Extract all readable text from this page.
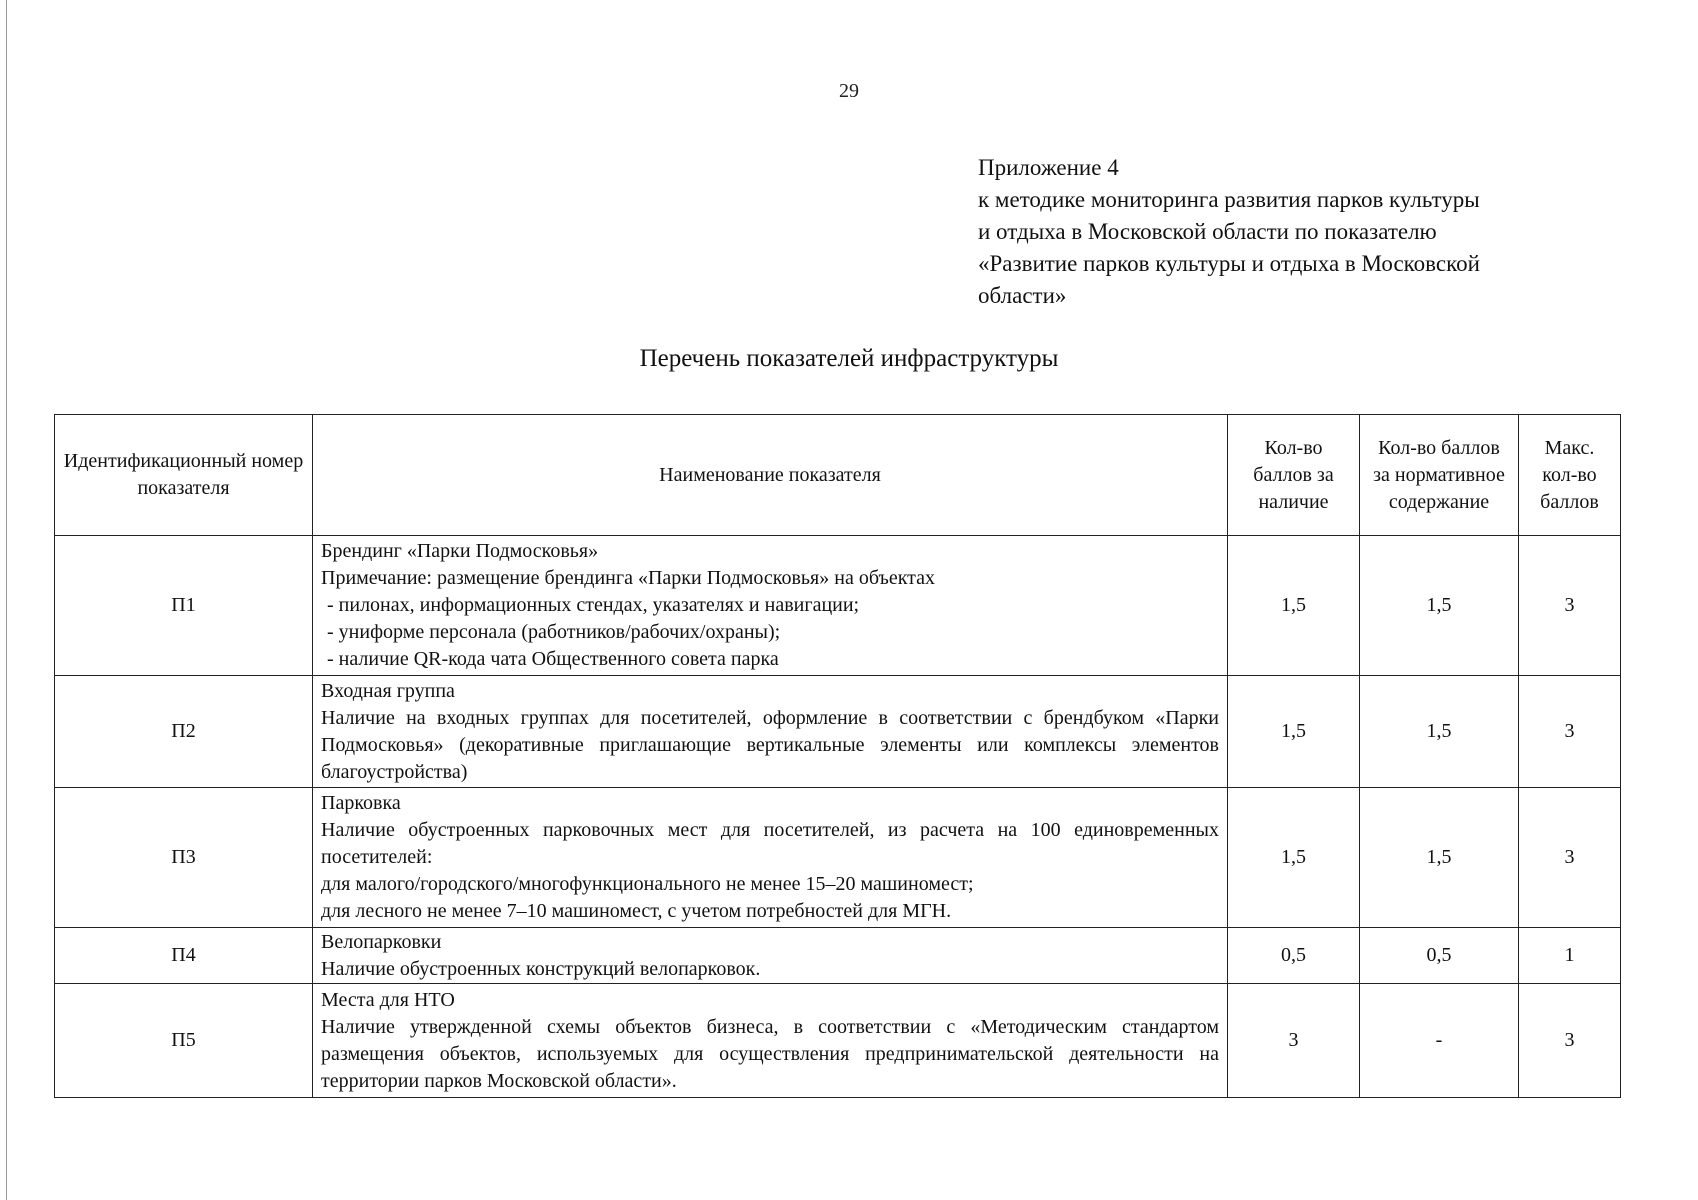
29
Приложение 4
к методике мониторинга развития парков культуры
и отдыха в Московской области по показателю
«Развитие парков культуры и отдыха в Московской
области»
Перечень показателей инфраструктуры
Идентификационный номер показателя	Наименование показателя	Кол-во баллов за наличие	Кол-во баллов за нормативное содержание	Макс. кол-во баллов
П1	Брендинг «Парки Подмосковья»
Примечание: размещение брендинга «Парки Подмосковья» на объектах
- пилонах, информационных стендах, указателях и навигации;
- униформе персонала (работников/рабочих/охраны);
- наличие QR-кода чата Общественного совета парка	1,5	1,5	3
П2	Входная группа
Наличие на входных группах для посетителей, оформление в соответствии с брендбуком «Парки Подмосковья» (декоративные приглашающие вертикальные элементы или комплексы элементов благоустройства)	1,5	1,5	3
П3	Парковка
Наличие обустроенных парковочных мест для посетителей, из расчета на 100 единовременных посетителей:
для малого/городского/многофункционального не менее 15–20 машиномест;
для лесного не менее 7–10 машиномест, с учетом потребностей для МГН.	1,5	1,5	3
П4	Велопарковки
Наличие обустроенных конструкций велопарковок.	0,5	0,5	1
П5	Места для НТО
Наличие утвержденной схемы объектов бизнеса, в соответствии с «Методическим стандартом размещения объектов, используемых для осуществления предпринимательской деятельности на территории парков Московской области».	3	-	3
